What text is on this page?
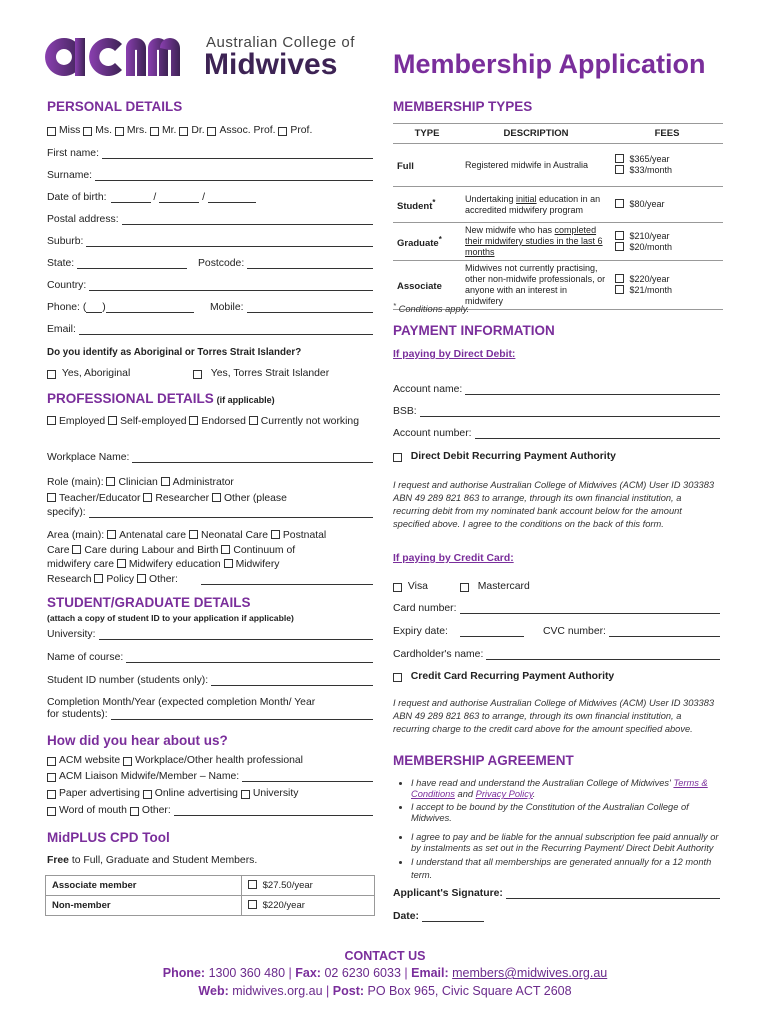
Australian College of
Midwives Membership Application
PERSONAL DETAILS
Miss
Ms.
Mrs.
Mr.
Dr.
Assoc. Prof.
Prof.
First name:
Surname:
Date of birth:
	/

	/

Postal address:
Suburb:
State:	Postcode:
Country:
Phone: ( )	Mobile:
Email:
Do you identify as Aboriginal or Torres Strait Islander?

Yes, Aboriginal
	Yes, Torres Strait Islander
PROFESSIONAL DETAILS (if applicable)
Employed Self-employed Endorsed Currently not working
Workplace Name:
Role (main): Clinician Administrator
Teacher/Educator Researcher Other (please
specify):
Area (main): Antenatal care Neonatal Care Postnatal
Care Care during Labour and Birth Continuum of
midwifery care Midwifery education Midwifery
Research Policy Other:
STUDENT/GRADUATE DETAILS
(attach a copy of student ID to your application if applicable)
University:
Name of course:
Student ID number (students only):
Completion Month/Year (expected completion Month/ Year
for students):
How did you hear about us?
ACM website
Workplace/Other health professional
ACM Liaison Midwife/Member – Name:
Paper advertising
Online advertising
University
Word of mouth
Other:
MidPLUS CPD Tool
Free to Full, Graduate and Student Members.
Associate member	$27.50/year
Non-member	$220/year
MEMBERSHIP TYPES
TYPE	DESCRIPTION	FEES
Full	Registered midwife in Australia	$365/year
$33/month

Student*	Undertaking initial education in an accredited midwifery program	$80/year

Graduate*	New midwife who has completed their midwifery studies in the last 6 months	$210/year
$20/month

Associate	Midwives not currently practising, other non-midwife professionals, or anyone with an interest in midwifery	$220/year
$21/month
* Conditions apply.
PAYMENT INFORMATION
If paying by Direct Debit:
Account name:
BSB:
Account number:

Direct Debit Recurring Payment Authority
I request and authorise Australian College of Midwives (ACM) User ID 303383 ABN 49 289 821 863 to arrange, through its own financial institution, a recurring debit from my nominated bank account below for the amount specified above. I agree to the conditions on the back of this form.
If paying by Credit Card:

Visa
	Mastercard
Card number:
Expiry date:	CVC number:
Cardholder's name:

Credit Card Recurring Payment Authority
I request and authorise Australian College of Midwives (ACM) User ID 303383 ABN 49 289 821 863 to arrange, through its own financial institution, a recurring charge to the credit card above for the amount specified above.
MEMBERSHIP AGREEMENT
• I have read and understand the Australian College of Midwives' Terms & Conditions and Privacy Policy.
• I accept to be bound by the Constitution of the Australian College of Midwives.
• I agree to pay and be liable for the annual subscription fee paid annually or by instalments as set out in the Recurring Payment/ Direct Debit Authority
• I understand that all memberships are generated annually for a 12 month term.
Applicant's Signature:
Date:
CONTACT US
Phone: 1300 360 480 | Fax: 02 6230 6033 | Email: members@midwives.org.au
Web: midwives.org.au | Post: PO Box 965, Civic Square ACT 2608
